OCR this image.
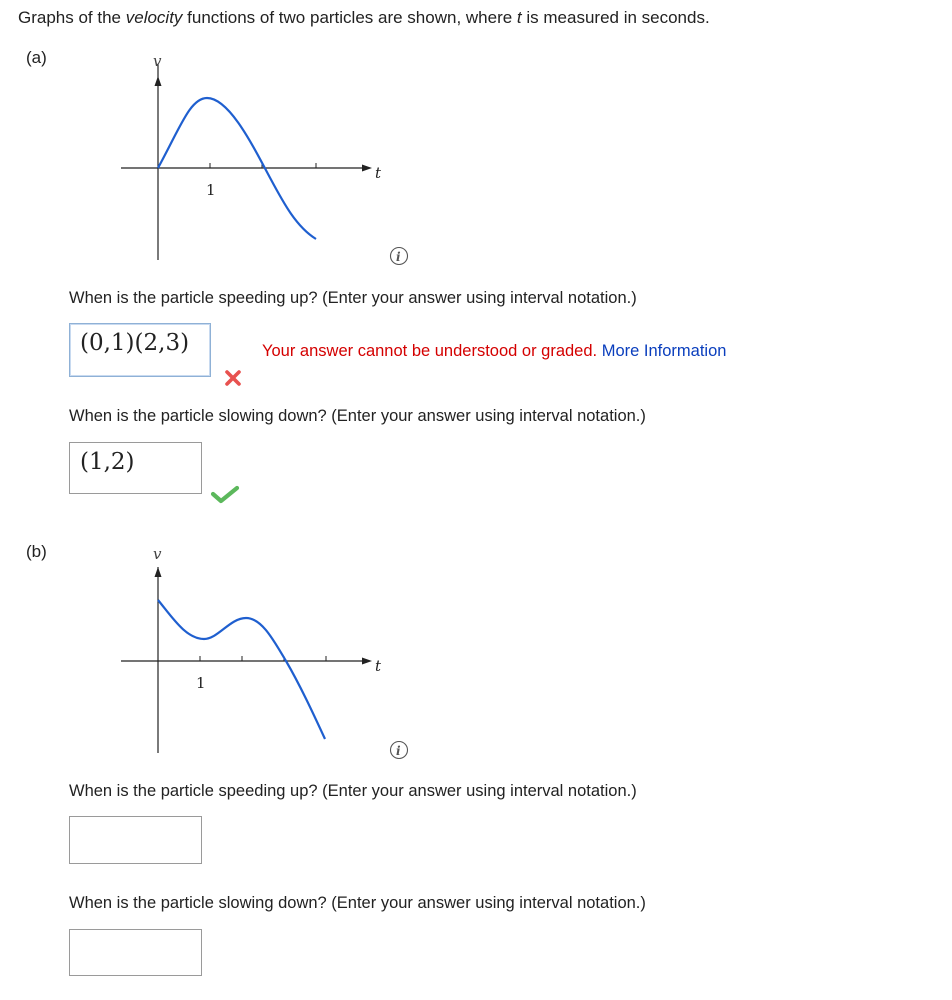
Graphs of the velocity functions of two particles are shown, where t is measured in seconds.
(a)	v
t
1
i
When is the particle speeding up? (Enter your answer using interval notation.)
(0,1)(2,3)	Your answer cannot be understood or graded. More Information
When is the particle slowing down? (Enter your answer using interval notation.)
(1,2)
(b)	v
t
1
i
When is the particle speeding up? (Enter your answer using interval notation.)
When is the particle slowing down? (Enter your answer using interval notation.)
